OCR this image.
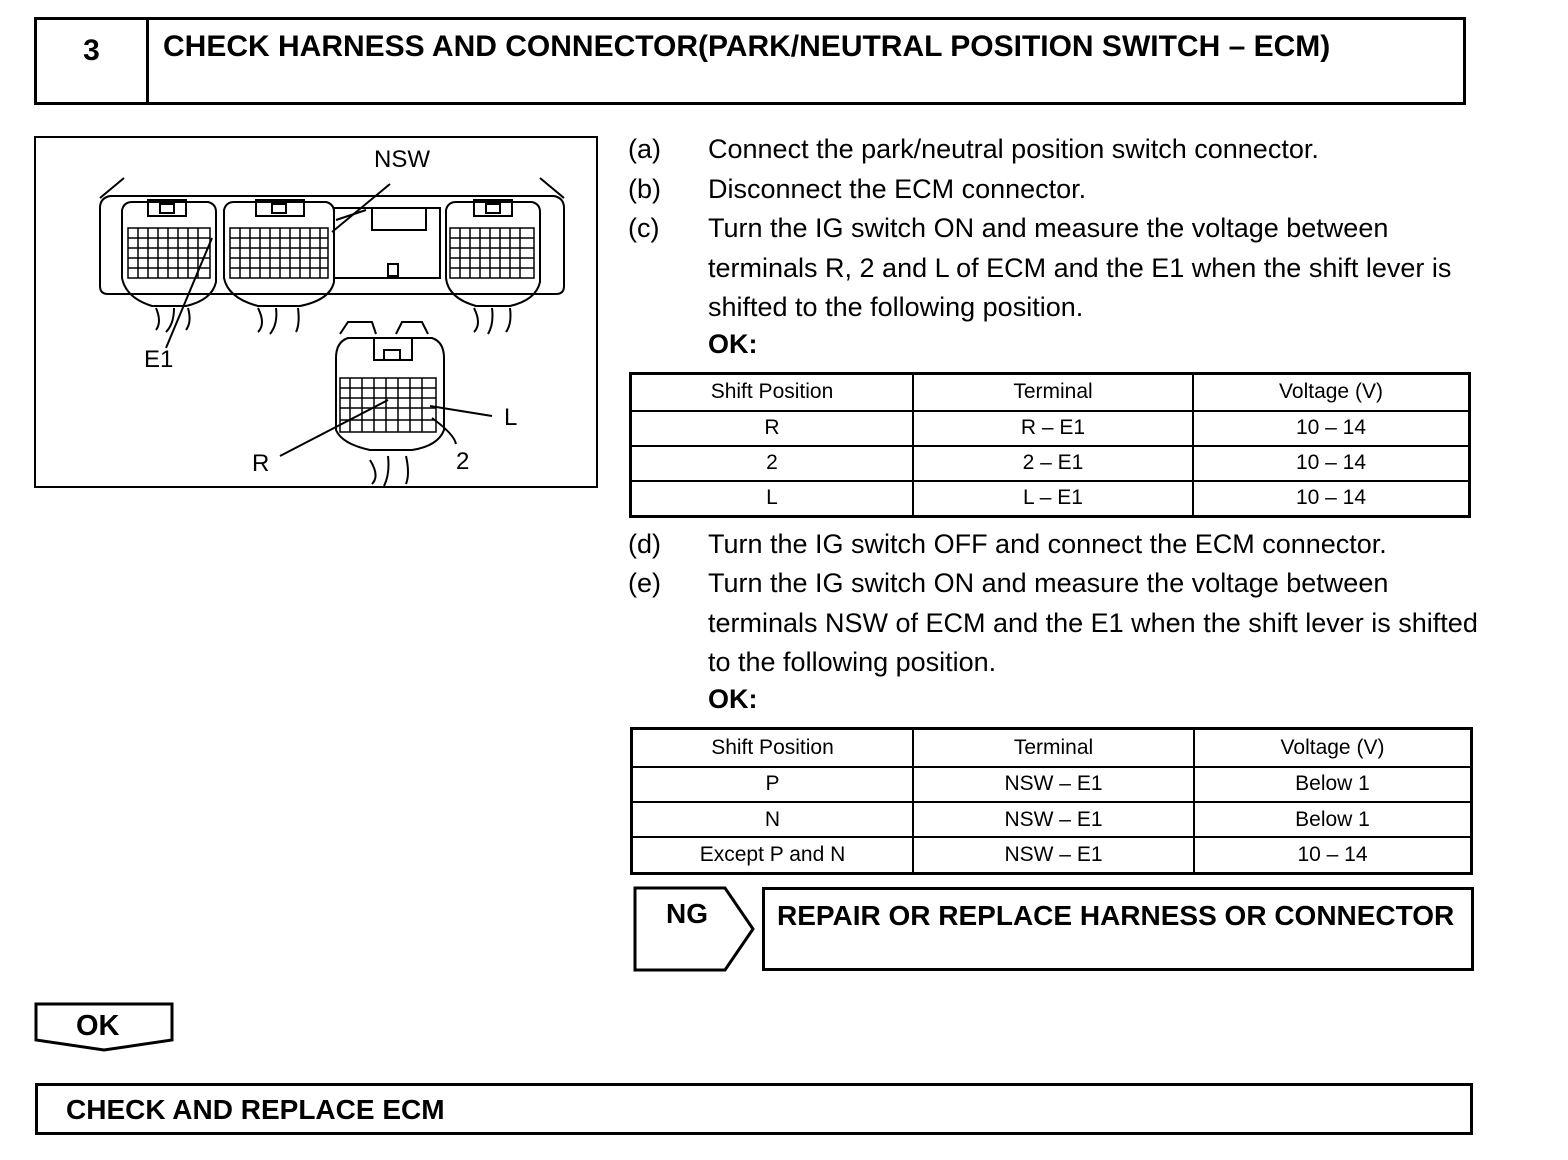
3	CHECK HARNESS AND CONNECTOR(PARK/NEUTRAL POSITION SWITCH – ECM)
NSW
E1
L
R	2
(a) Connect the park/neutral position switch connector.
(b) Disconnect the ECM connector.
(c) Turn the IG switch ON and measure the voltage between terminals R, 2 and L of ECM and the E1 when the shift lever is shifted to the following position.
OK:
Shift Position	Terminal	Voltage (V)
R	R – E1	10 – 14
2	2 – E1	10 – 14
L	L – E1	10 – 14
(d) Turn the IG switch OFF and connect the ECM connector.
(e) Turn the IG switch ON and measure the voltage between terminals NSW of ECM and the E1 when the shift lever is shifted to the following position.
OK:
Shift Position	Terminal	Voltage (V)
P	NSW – E1	Below 1
N	NSW – E1	Below 1
Except P and N	NSW – E1	10 – 14
NG REPAIR OR REPLACE HARNESS OR CONNECTOR
OK
CHECK AND REPLACE ECM
